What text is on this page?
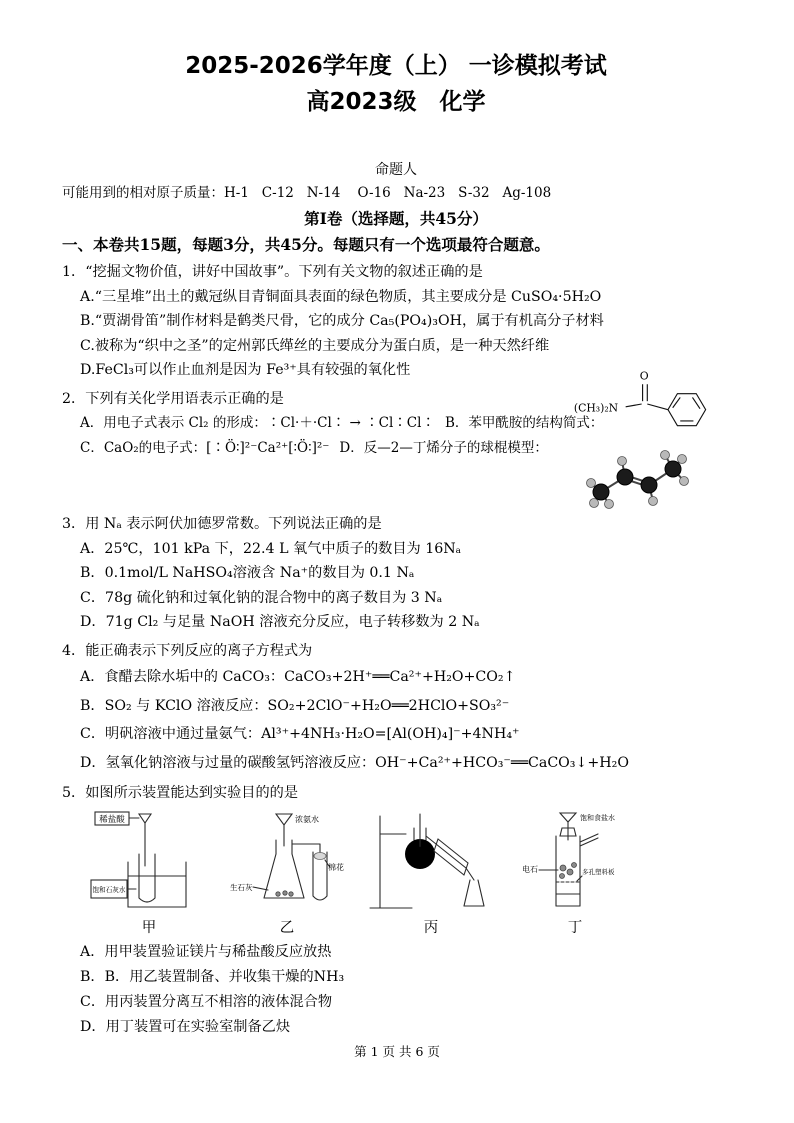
2025-2026学年度（上） 一诊模拟考试
高2023级　化学
命题人
可能用到的相对原子质量：H-1   C-12   N-14    O-16   Na-23   S-32   Ag-108
第Ⅰ卷（选择题，共45分）
一、本卷共15题，每题3分，共45分。每题只有一个选项最符合题意。
1．“挖掘文物价值，讲好中国故事”。下列有关文物的叙述正确的是
A.“三星堆”出土的戴冠纵目青铜面具表面的绿色物质，其主要成分是 CuSO₄·5H₂O
B.“贾湖骨笛”制作材料是鹤类尺骨，它的成分 Ca₅(PO₄)₃OH，属于有机高分子材料
C.被称为“织中之圣”的定州郭氏缂丝的主要成分为蛋白质，是一种天然纤维
D.FeCl₃可以作止血剂是因为 Fe³⁺具有较强的氧化性
2．下列有关化学用语表示正确的是
A．用电子式表示 Cl₂ 的形成：∶Cl·＋·Cl∶ → ∶Cl∶Cl∶ B．苯甲酰胺的结构简式：
C．CaO₂的电子式：[∶Ö∶]²⁻Ca²⁺[∶Ö∶]²⁻ D．反—2—丁烯分子的球棍模型：
3．用 Nₐ 表示阿伏加德罗常数。下列说法正确的是
A．25℃，101 kPa 下，22.4 L 氧气中质子的数目为 16Nₐ
B．0.1mol/L NaHSO₄溶液含 Na⁺的数目为 0.1 Nₐ
C．78g 硫化钠和过氧化钠的混合物中的离子数目为 3 Nₐ
D．71g Cl₂ 与足量 NaOH 溶液充分反应，电子转移数为 2 Nₐ
4．能正确表示下列反应的离子方程式为
A．食醋去除水垢中的 CaCO₃：CaCO₃+2H⁺══Ca²⁺+H₂O+CO₂↑
B．SO₂ 与 KClO 溶液反应：SO₂+2ClO⁻+H₂O══2HClO+SO₃²⁻
C．明矾溶液中通过量氨气：Al³⁺+4NH₃·H₂O=[Al(OH)₄]⁻+4NH₄⁺
D．氢氧化钠溶液与过量的碳酸氢钙溶液反应：OH⁻+Ca²⁺+HCO₃⁻══CaCO₃↓+H₂O
5．如图所示装置能达到实验目的的是
稀盐酸
饱和石灰水
甲
浓氨水
生石灰
棉花
乙	丙
饱和食盐水
电石	多孔塑料板
丁
A．用甲装置验证镁片与稀盐酸反应放热
B．B．用乙装置制备、并收集干燥的NH₃
C．用丙装置分离互不相溶的液体混合物
D．用丁装置可在实验室制备乙炔
(CH₃)₂N
O
第 1 页 共 6 页
